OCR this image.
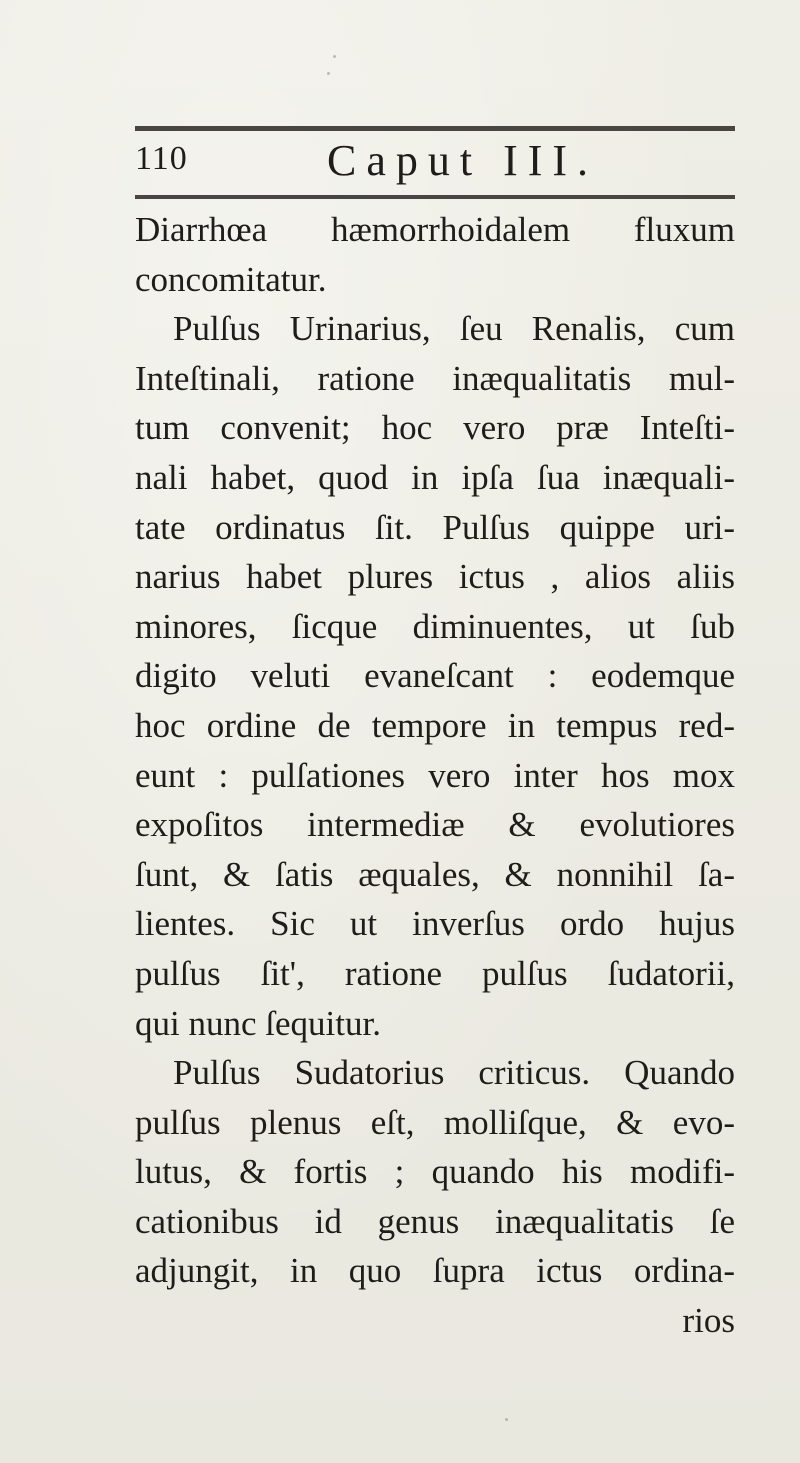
110	Caput III.
Diarrhœa hæmorrhoidalem fluxum
concomitatur.
Pulſus Urinarius, ſeu Renalis, cum
Inteſtinali, ratione inæqualitatis mul-
tum convenit; hoc vero præ Inteſti-
nali habet, quod in ipſa ſua inæquali-
tate ordinatus ſit. Pulſus quippe uri-
narius habet plures ictus , alios aliis
minores, ſicque diminuentes, ut ſub
digito veluti evaneſcant : eodemque
hoc ordine de tempore in tempus red-
eunt : pulſationes vero inter hos mox
expoſitos intermediæ & evolutiores
ſunt, & ſatis æquales, & nonnihil ſa-
lientes. Sic ut inverſus ordo hujus
pulſus ſit', ratione pulſus ſudatorii,
qui nunc ſequitur.
Pulſus Sudatorius criticus. Quando
pulſus plenus eſt, molliſque, & evo-
lutus, & fortis ; quando his modifi-
cationibus id genus inæqualitatis ſe
adjungit, in quo ſupra ictus ordina-
rios
